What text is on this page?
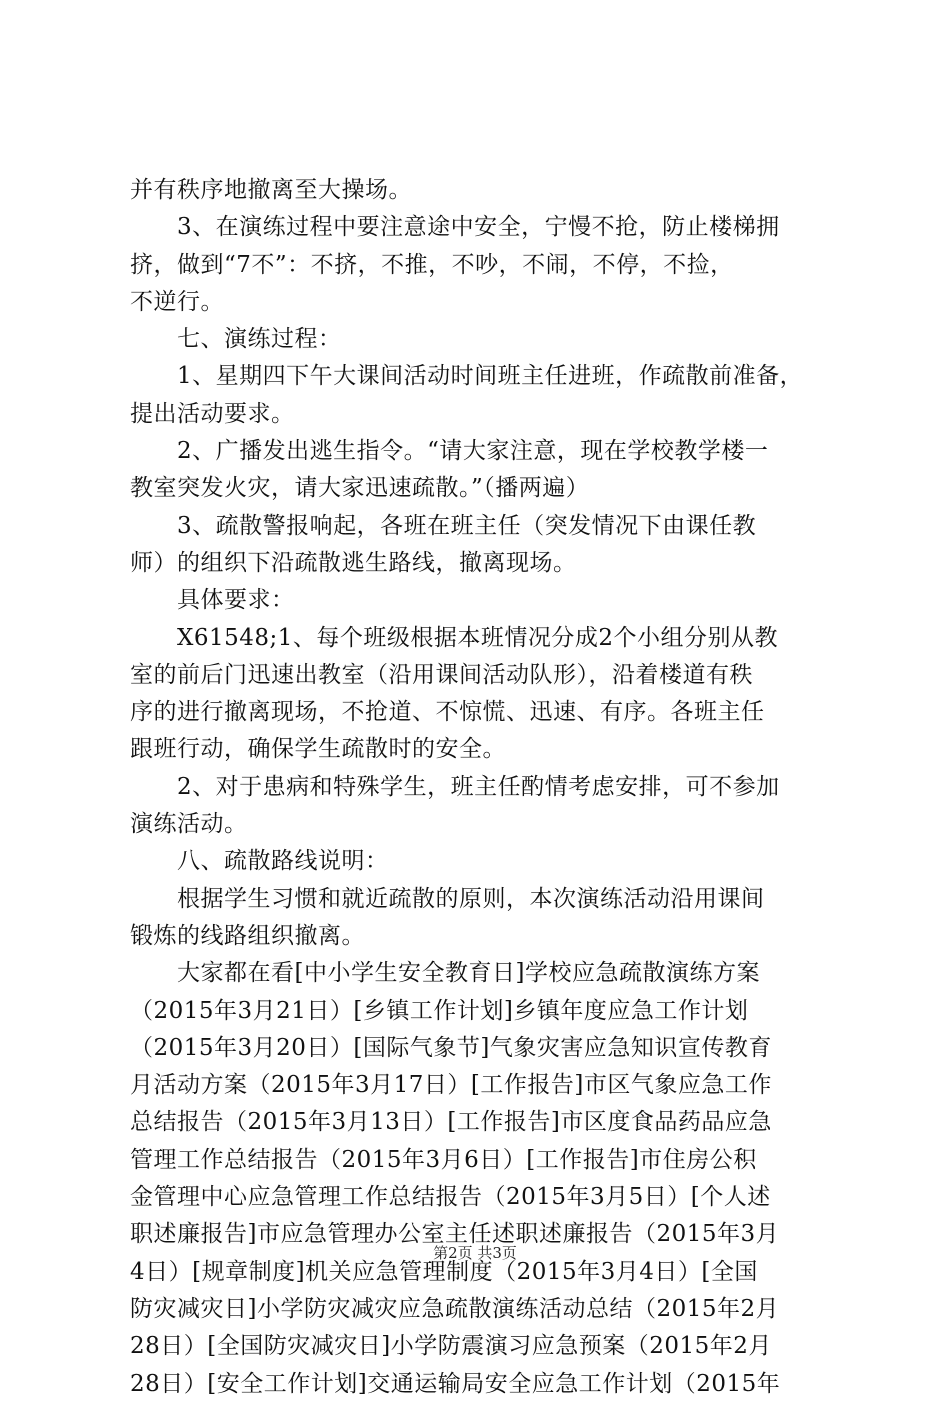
并有秩序地撤离至大操场。
　　3、在演练过程中要注意途中安全，宁慢不抢，防止楼梯拥
挤，做到“7不”：不挤，不推，不吵，不闹，不停，不捡，
不逆行。
　　七、演练过程：
　　1、星期四下午大课间活动时间班主任进班，作疏散前准备，
提出活动要求。
　　2、广播发出逃生指令。“请大家注意，现在学校教学楼一
教室突发火灾，请大家迅速疏散。”（播两遍）
　　3、疏散警报响起，各班在班主任（突发情况下由课任教
师）的组织下沿疏散逃生路线，撤离现场。
　　具体要求：
　　X61548;1、每个班级根据本班情况分成2个小组分别从教
室的前后门迅速出教室（沿用课间活动队形），沿着楼道有秩
序的进行撤离现场，不抢道、不惊慌、迅速、有序。各班主任
跟班行动，确保学生疏散时的安全。
　　2、对于患病和特殊学生，班主任酌情考虑安排，可不参加
演练活动。
　　八、疏散路线说明：
　　根据学生习惯和就近疏散的原则，本次演练活动沿用课间
锻炼的线路组织撤离。
　　大家都在看[中小学生安全教育日]学校应急疏散演练方案
（2015年3月21日）[乡镇工作计划]乡镇年度应急工作计划
（2015年3月20日）[国际气象节]气象灾害应急知识宣传教育
月活动方案（2015年3月17日）[工作报告]市区气象应急工作
总结报告（2015年3月13日）[工作报告]市区度食品药品应急
管理工作总结报告（2015年3月6日）[工作报告]市住房公积
金管理中心应急管理工作总结报告（2015年3月5日）[个人述
职述廉报告]市应急管理办公室主任述职述廉报告（2015年3月
4日）[规章制度]机关应急管理制度（2015年3月4日）[全国
防灾减灾日]小学防灾减灾应急疏散演练活动总结（2015年2月
28日）[全国防灾减灾日]小学防震演习应急预案（2015年2月
28日）[安全工作计划]交通运输局安全应急工作计划（2015年
第2页 共3页
